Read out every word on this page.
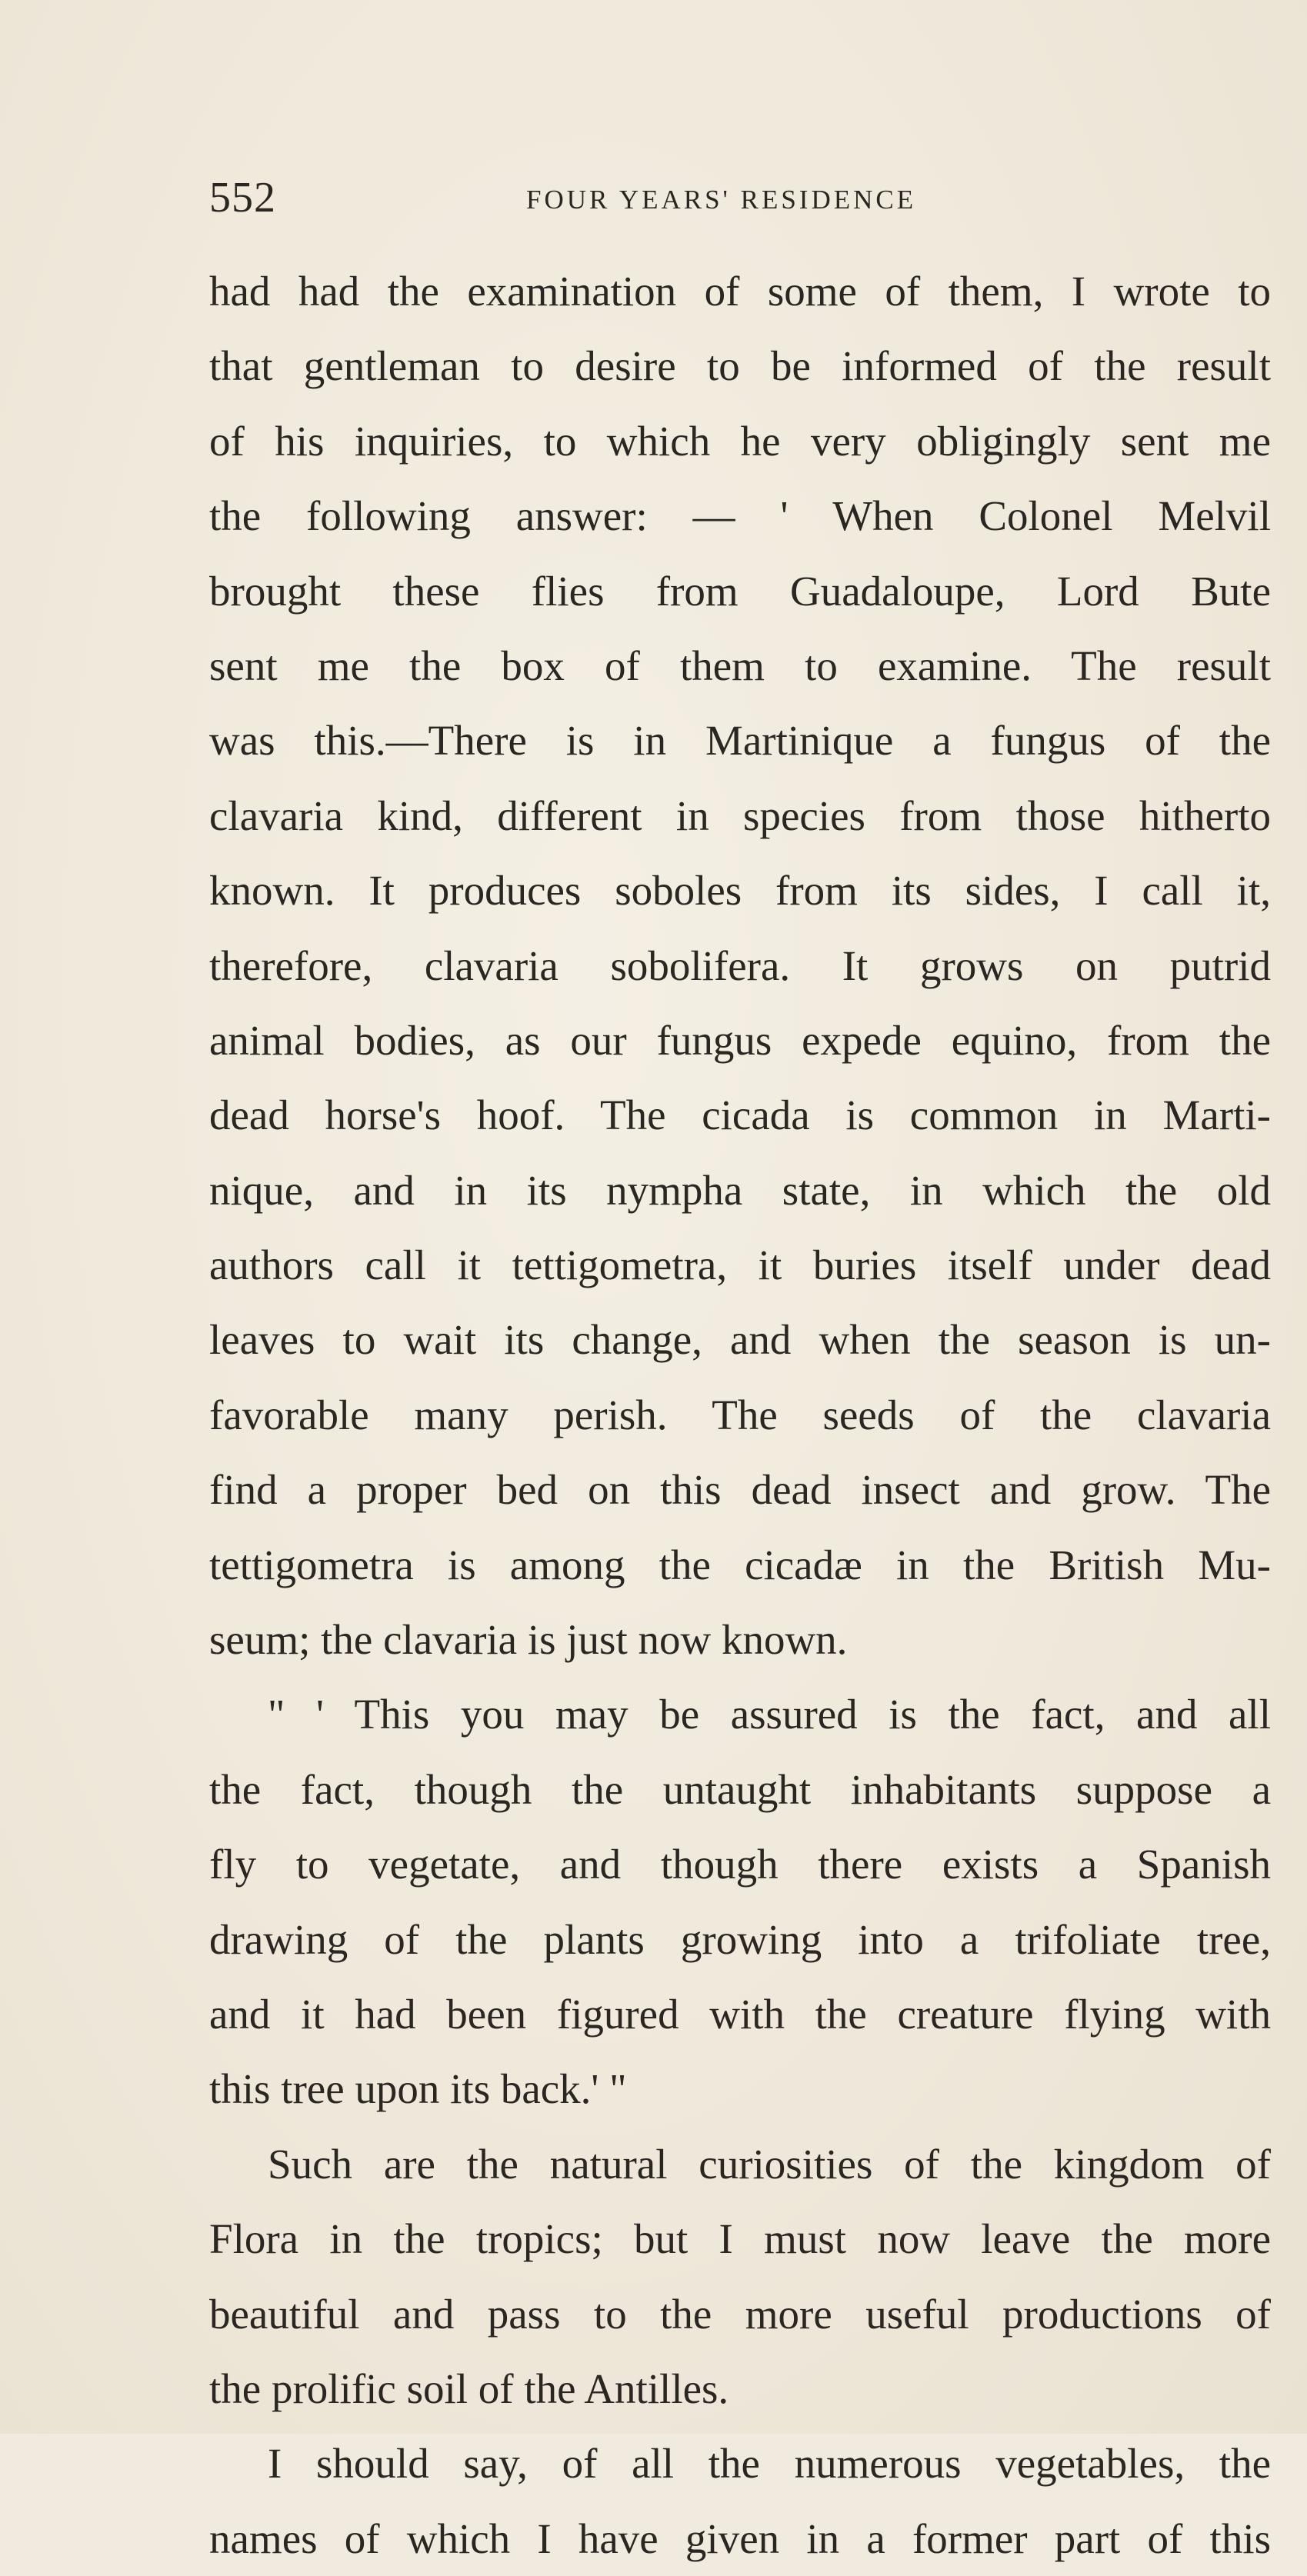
552	FOUR YEARS' RESIDENCE
had had the examination of some of them, I wrote to
that gentleman to desire to be informed of the result
of his inquiries, to which he very obligingly sent me
the following answer: — ' When Colonel Melvil
brought these flies from Guadaloupe, Lord Bute
sent me the box of them to examine. The result
was this.—There is in Martinique a fungus of the
clavaria kind, different in species from those hitherto
known. It produces soboles from its sides, I call it,
therefore, clavaria sobolifera. It grows on putrid
animal bodies, as our fungus expede equino, from the
dead horse's hoof. The cicada is common in Marti-
nique, and in its nympha state, in which the old
authors call it tettigometra, it buries itself under dead
leaves to wait its change, and when the season is un-
favorable many perish. The seeds of the clavaria
find a proper bed on this dead insect and grow. The
tettigometra is among the cicadæ in the British Mu-
seum; the clavaria is just now known.
" ' This you may be assured is the fact, and all
the fact, though the untaught inhabitants suppose a
fly to vegetate, and though there exists a Spanish
drawing of the plants growing into a trifoliate tree,
and it had been figured with the creature flying with
this tree upon its back.' "
Such are the natural curiosities of the kingdom of
Flora in the tropics; but I must now leave the more
beautiful and pass to the more useful productions of
the prolific soil of the Antilles.
I should say, of all the numerous vegetables, the
names of which I have given in a former part of this
